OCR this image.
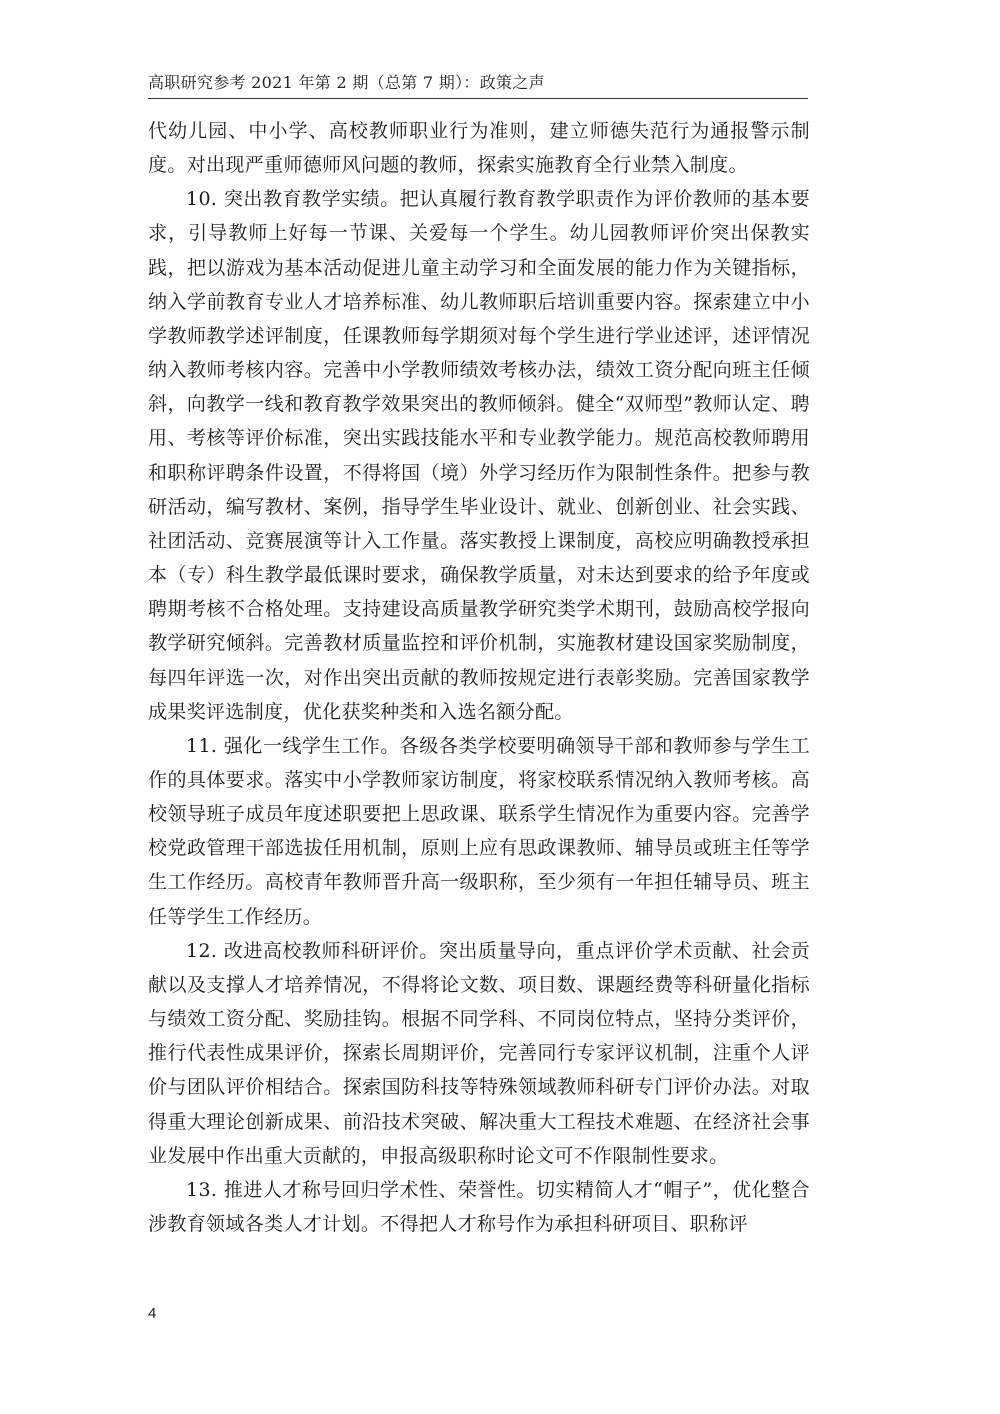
高职研究参考 2021 年第 2 期（总第 7 期）：政策之声

代幼儿园、中小学、高校教师职业行为准则，建立师德失范行为通报警示制度。对出现严重师德师风问题的教师，探索实施教育全行业禁入制度。

10. 突出教育教学实绩。把认真履行教育教学职责作为评价教师的基本要求，引导教师上好每一节课、关爱每一个学生。幼儿园教师评价突出保教实践，把以游戏为基本活动促进儿童主动学习和全面发展的能力作为关键指标，纳入学前教育专业人才培养标准、幼儿教师职后培训重要内容。探索建立中小学教师教学述评制度，任课教师每学期须对每个学生进行学业述评，述评情况纳入教师考核内容。完善中小学教师绩效考核办法，绩效工资分配向班主任倾斜，向教学一线和教育教学效果突出的教师倾斜。健全“双师型”教师认定、聘用、考核等评价标准，突出实践技能水平和专业教学能力。规范高校教师聘用和职称评聘条件设置，不得将国（境）外学习经历作为限制性条件。把参与教研活动，编写教材、案例，指导学生毕业设计、就业、创新创业、社会实践、社团活动、竞赛展演等计入工作量。落实教授上课制度，高校应明确教授承担本（专）科生教学最低课时要求，确保教学质量，对未达到要求的给予年度或聘期考核不合格处理。支持建设高质量教学研究类学术期刊，鼓励高校学报向教学研究倾斜。完善教材质量监控和评价机制，实施教材建设国家奖励制度，每四年评选一次，对作出突出贡献的教师按规定进行表彰奖励。完善国家教学成果奖评选制度，优化获奖种类和入选名额分配。

11. 强化一线学生工作。各级各类学校要明确领导干部和教师参与学生工作的具体要求。落实中小学教师家访制度，将家校联系情况纳入教师考核。高校领导班子成员年度述职要把上思政课、联系学生情况作为重要内容。完善学校党政管理干部选拔任用机制，原则上应有思政课教师、辅导员或班主任等学生工作经历。高校青年教师晋升高一级职称，至少须有一年担任辅导员、班主任等学生工作经历。

12. 改进高校教师科研评价。突出质量导向，重点评价学术贡献、社会贡献以及支撑人才培养情况，不得将论文数、项目数、课题经费等科研量化指标与绩效工资分配、奖励挂钩。根据不同学科、不同岗位特点，坚持分类评价，推行代表性成果评价，探索长周期评价，完善同行专家评议机制，注重个人评价与团队评价相结合。探索国防科技等特殊领域教师科研专门评价办法。对取得重大理论创新成果、前沿技术突破、解决重大工程技术难题、在经济社会事业发展中作出重大贡献的，申报高级职称时论文可不作限制性要求。

13. 推进人才称号回归学术性、荣誉性。切实精简人才“帽子”，优化整合涉教育领域各类人才计划。不得把人才称号作为承担科研项目、职称评

4
